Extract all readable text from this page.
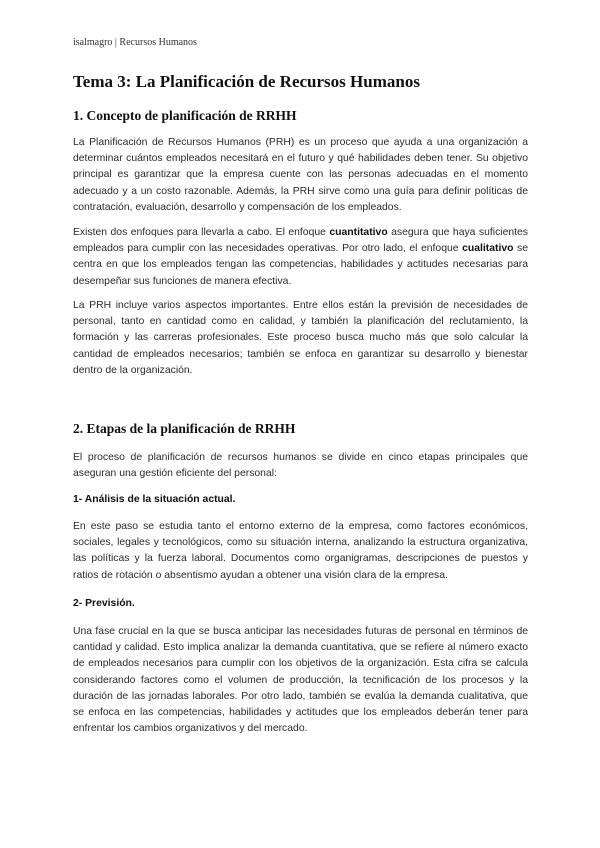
isalmagro | Recursos Humanos
Tema 3: La Planificación de Recursos Humanos
1. Concepto de planificación de RRHH

La Planificación de Recursos Humanos (PRH) es un proceso que ayuda a una organización a determinar cuántos empleados necesitará en el futuro y qué habilidades deben tener. Su objetivo principal es garantizar que la empresa cuente con las personas adecuadas en el momento adecuado y a un costo razonable. Además, la PRH sirve como una guía para definir políticas de contratación, evaluación, desarrollo y compensación de los empleados.

Existen dos enfoques para llevarla a cabo. El enfoque cuantitativo asegura que haya suficientes empleados para cumplir con las necesidades operativas. Por otro lado, el enfoque cualitativo se centra en que los empleados tengan las competencias, habilidades y actitudes necesarias para desempeñar sus funciones de manera efectiva.

La PRH incluye varios aspectos importantes. Entre ellos están la previsión de necesidades de personal, tanto en cantidad como en calidad, y también la planificación del reclutamiento, la formación y las carreras profesionales. Este proceso busca mucho más que solo calcular la cantidad de empleados necesarios; también se enfoca en garantizar su desarrollo y bienestar dentro de la organización.

2. Etapas de la planificación de RRHH

El proceso de planificación de recursos humanos se divide en cinco etapas principales que aseguran una gestión eficiente del personal:

1- Análisis de la situación actual.

En este paso se estudia tanto el entorno externo de la empresa, como factores económicos, sociales, legales y tecnológicos, como su situación interna, analizando la estructura organizativa, las políticas y la fuerza laboral. Documentos como organigramas, descripciones de puestos y ratios de rotación o absentismo ayudan a obtener una visión clara de la empresa.

2- Previsión.

Una fase crucial en la que se busca anticipar las necesidades futuras de personal en términos de cantidad y calidad. Esto implica analizar la demanda cuantitativa, que se refiere al número exacto de empleados necesarios para cumplir con los objetivos de la organización. Esta cifra se calcula considerando factores como el volumen de producción, la tecnificación de los procesos y la duración de las jornadas laborales. Por otro lado, también se evalúa la demanda cualitativa, que se enfoca en las competencias, habilidades y actitudes que los empleados deberán tener para enfrentar los cambios organizativos y del mercado.
